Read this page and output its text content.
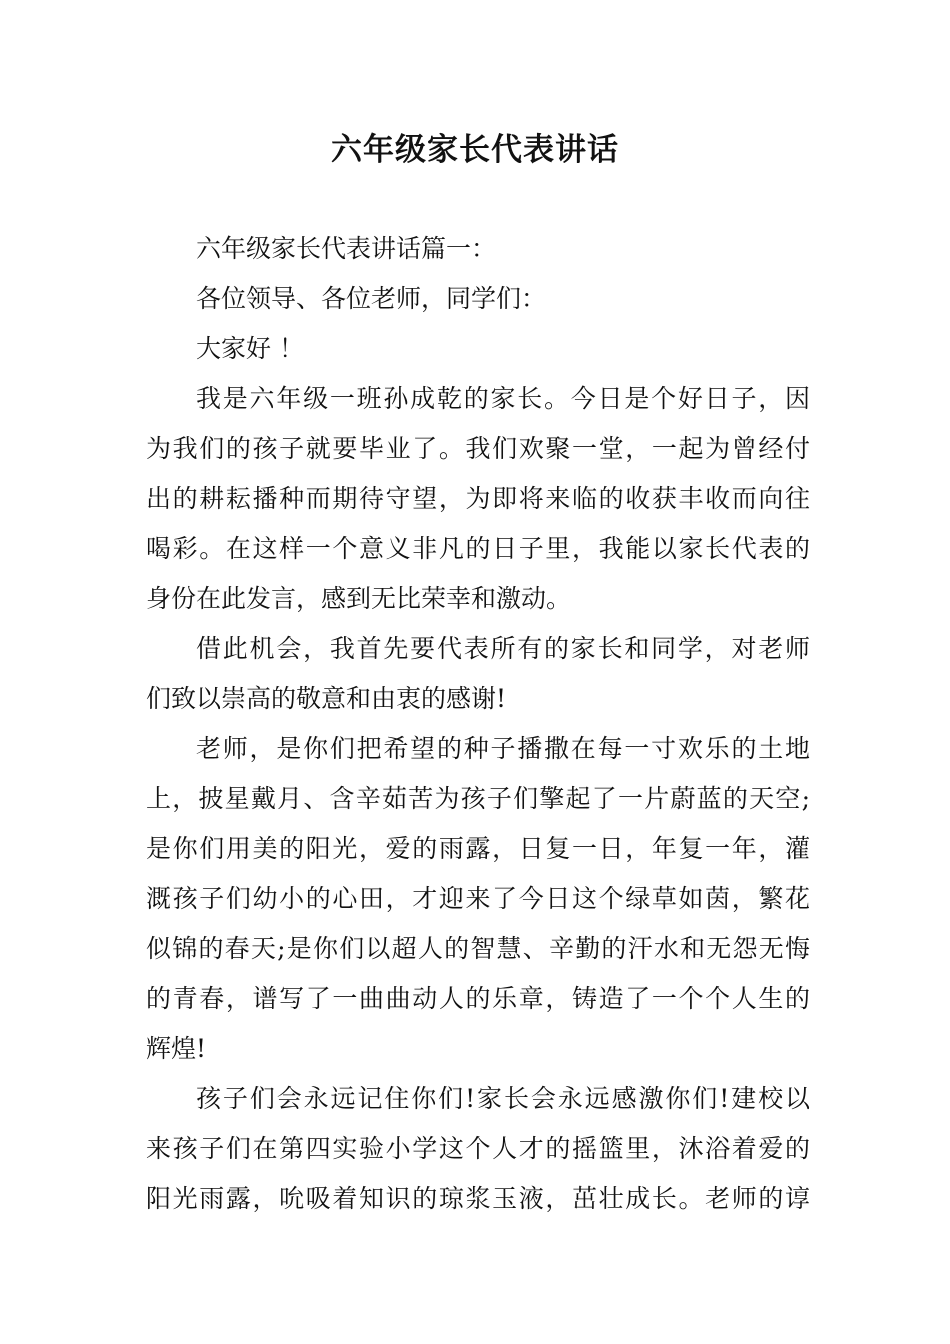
六年级家长代表讲话
六年级家长代表讲话篇一：
各位领导、各位老师，同学们：
大家好 ！
我是六年级一班孙成乾的家长。今日是个好日子，因
为我们的孩子就要毕业了。我们欢聚一堂，一起为曾经付
出的耕耘播种而期待守望，为即将来临的收获丰收而向往
喝彩。在这样一个意义非凡的日子里，我能以家长代表的
身份在此发言，感到无比荣幸和激动。
借此机会，我首先要代表所有的家长和同学，对老师
们致以崇高的敬意和由衷的感谢!
老师，是你们把希望的种子播撒在每一寸欢乐的土地
上，披星戴月、含辛茹苦为孩子们擎起了一片蔚蓝的天空;
是你们用美的阳光，爱的雨露，日复一日，年复一年，灌
溉孩子们幼小的心田，才迎来了今日这个绿草如茵，繁花
似锦的春天;是你们以超人的智慧、辛勤的汗水和无怨无悔
的青春，谱写了一曲曲动人的乐章，铸造了一个个人生的
辉煌!
孩子们会永远记住你们!家长会永远感激你们!建校以
来孩子们在第四实验小学这个人才的摇篮里，沐浴着爱的
阳光雨露，吮吸着知识的琼浆玉液，茁壮成长。老师的谆
